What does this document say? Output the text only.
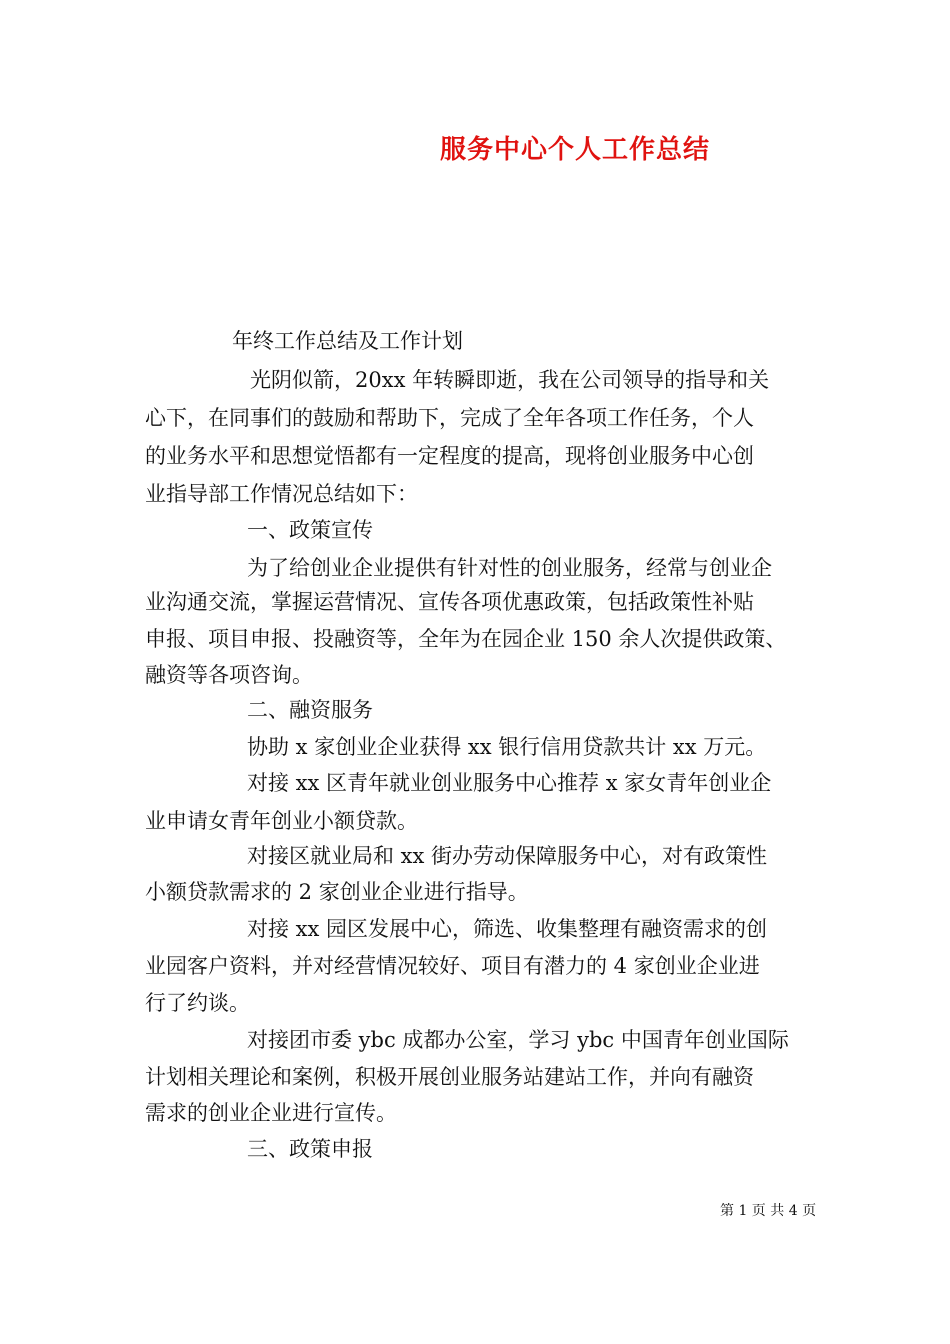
服务中心个人工作总结

年终工作总结及工作计划

光阴似箭，20xx 年转瞬即逝，我在公司领导的指导和关

心下，在同事们的鼓励和帮助下，完成了全年各项工作任务，个人

的业务水平和思想觉悟都有一定程度的提高，现将创业服务中心创

业指导部工作情况总结如下：

一、政策宣传

为了给创业企业提供有针对性的创业服务，经常与创业企

业沟通交流，掌握运营情况、宣传各项优惠政策，包括政策性补贴

申报、项目申报、投融资等，全年为在园企业 150 余人次提供政策、

融资等各项咨询。

二、融资服务

协助 x 家创业企业获得 xx 银行信用贷款共计 xx 万元。

对接 xx 区青年就业创业服务中心推荐 x 家女青年创业企

业申请女青年创业小额贷款。

对接区就业局和 xx 街办劳动保障服务中心，对有政策性

小额贷款需求的 2 家创业企业进行指导。

对接 xx 园区发展中心，筛选、收集整理有融资需求的创

业园客户资料，并对经营情况较好、项目有潜力的 4 家创业企业进

行了约谈。

对接团市委 ybc 成都办公室，学习 ybc 中国青年创业国际

计划相关理论和案例，积极开展创业服务站建站工作，并向有融资

需求的创业企业进行宣传。

三、政策申报

第 1 页 共 4 页
